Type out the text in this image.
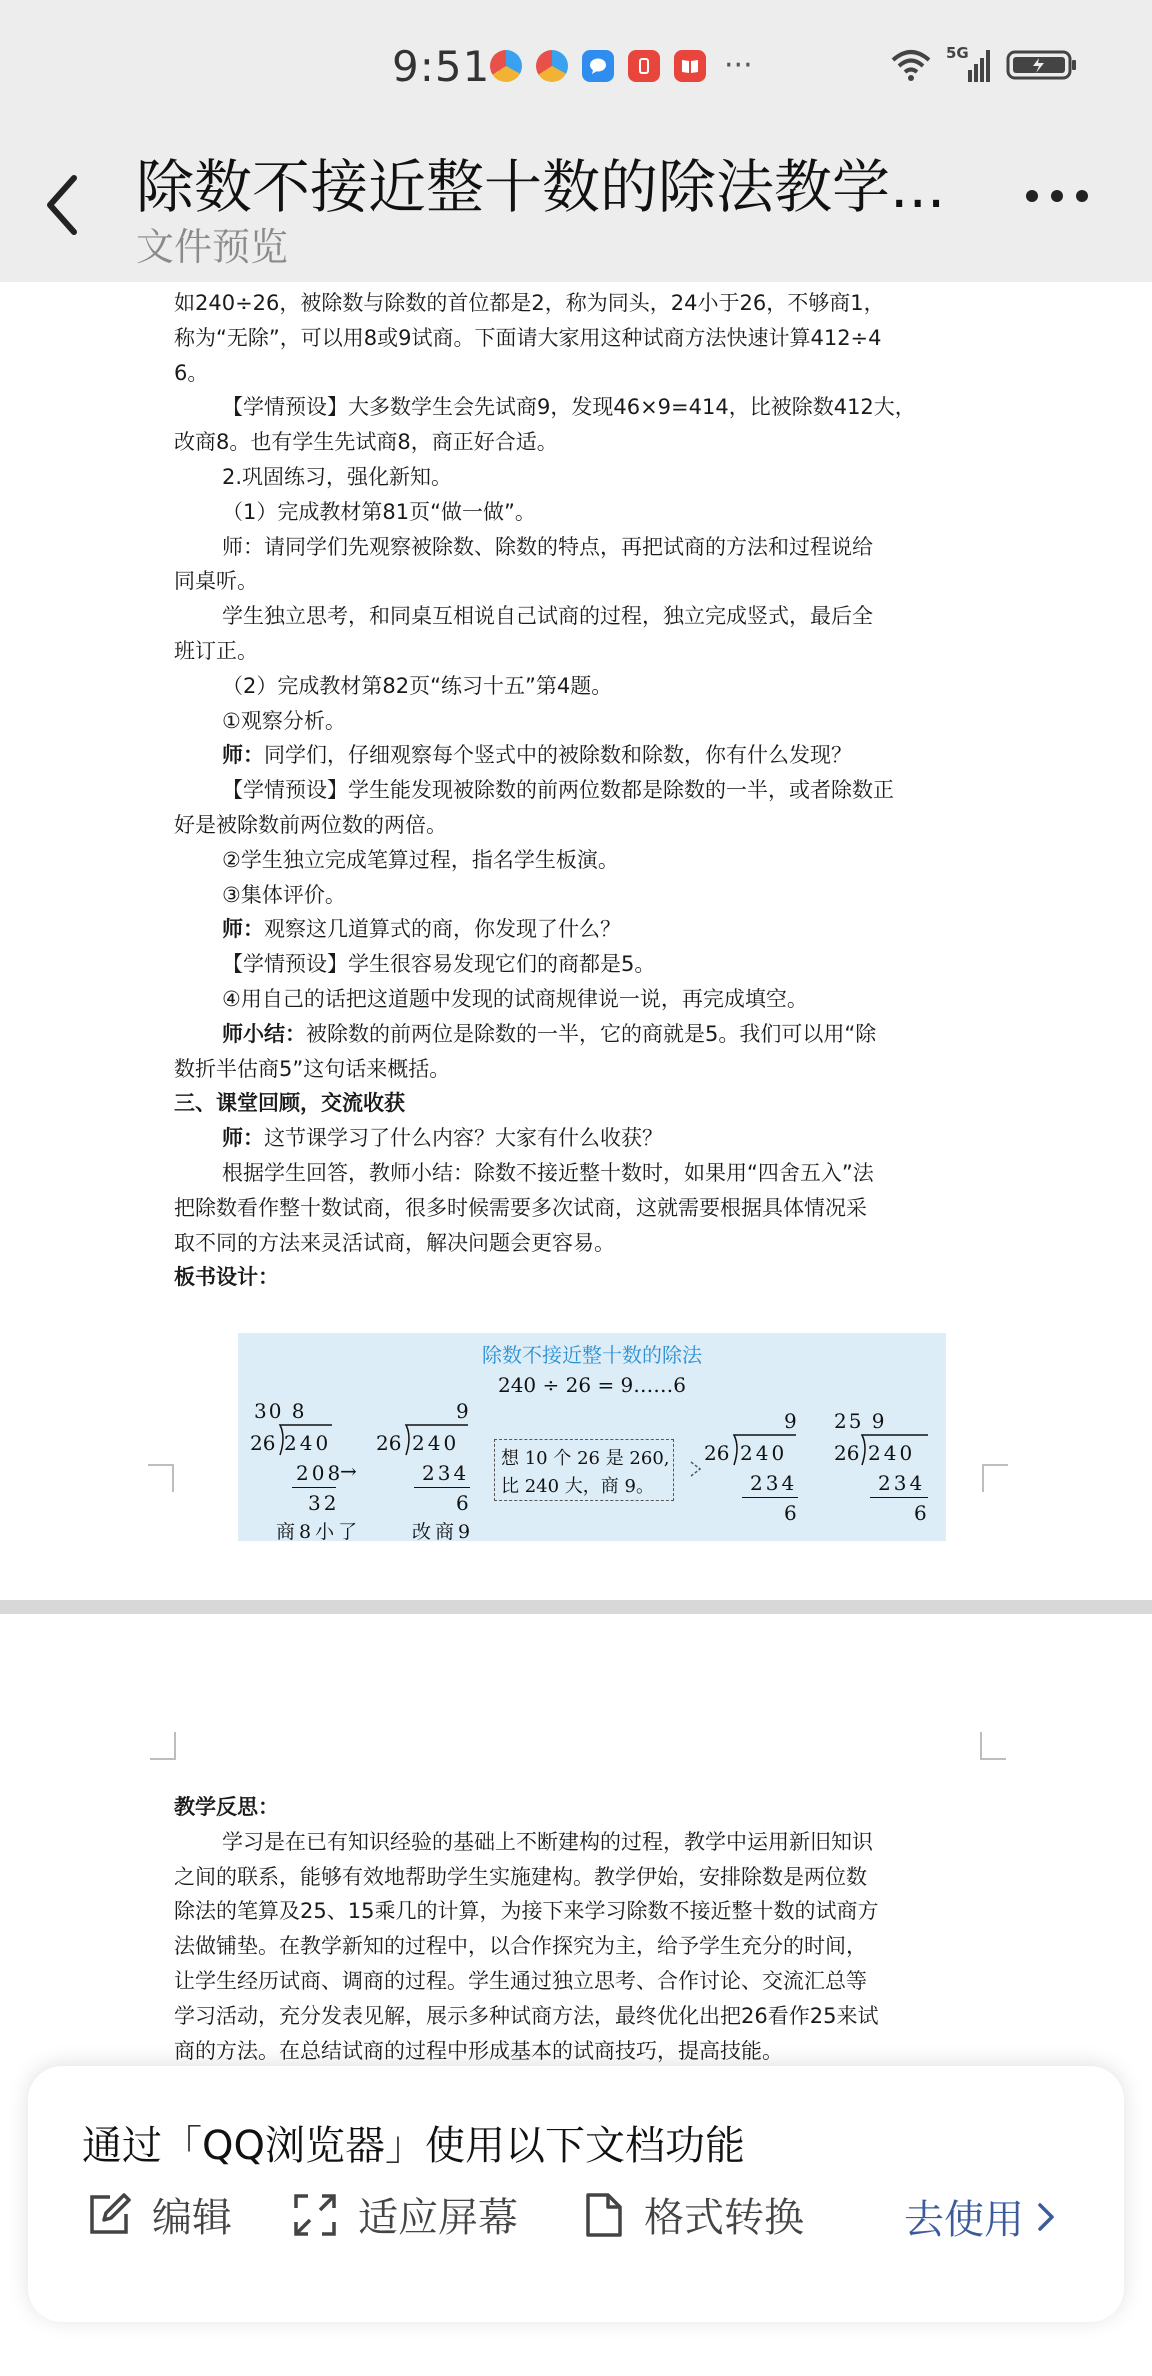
9:51	···	5G
除数不接近整十数的除法教学...
文件预览

如240÷26，被除数与除数的首位都是2，称为同头，24小于26，不够商1，

称为“无除”，可以用8或9试商。下面请大家用这种试商方法快速计算412÷4

6。

【学情预设】大多数学生会先试商9，发现46×9=414，比被除数412大，

改商8。也有学生先试商8，商正好合适。

2.巩固练习，强化新知。

（1）完成教材第81页“做一做”。

师：请同学们先观察被除数、除数的特点，再把试商的方法和过程说给

同桌听。

学生独立思考，和同桌互相说自己试商的过程，独立完成竖式，最后全

班订正。

（2）完成教材第82页“练习十五”第4题。

①观察分析。

师：同学们，仔细观察每个竖式中的被除数和除数，你有什么发现？

【学情预设】学生能发现被除数的前两位数都是除数的一半，或者除数正

好是被除数前两位数的两倍。

②学生独立完成笔算过程，指名学生板演。

③集体评价。

师：观察这几道算式的商，你发现了什么？

【学情预设】学生很容易发现它们的商都是5。

④用自己的话把这道题中发现的试商规律说一说，再完成填空。

师小结：被除数的前两位是除数的一半，它的商就是5。我们可以用“除

数折半估商5”这句话来概括。

三、课堂回顾，交流收获

师：这节课学习了什么内容？大家有什么收获？

根据学生回答，教师小结：除数不接近整十数时，如果用“四舍五入”法

把除数看作整十数试商，很多时候需要多次试商，这就需要根据具体情况采

取不同的方法来灵活试商，解决问题会更容易。

板书设计：

除数不接近整十数的除法
240 ÷ 26 = 9……6
30 8
26 240
208
→
32
商8小了
9
26 240
234
6
改商9
想 10 个 26 是 260,
比 240 大，商 9。
9
26 240
234
6
25 9
26 240
234
6

教学反思：

学习是在已有知识经验的基础上不断建构的过程，教学中运用新旧知识

之间的联系，能够有效地帮助学生实施建构。教学伊始，安排除数是两位数

除法的笔算及25、15乘几的计算，为接下来学习除数不接近整十数的试商方

法做铺垫。在教学新知的过程中，以合作探究为主，给予学生充分的时间，

让学生经历试商、调商的过程。学生通过独立思考、合作讨论、交流汇总等

学习活动，充分发表见解，展示多种试商方法，最终优化出把26看作25来试

商的方法。在总结试商的过程中形成基本的试商技巧，提高技能。

通过「QQ浏览器」使用以下文档功能
编辑	适应屏幕	格式转换	去使用
